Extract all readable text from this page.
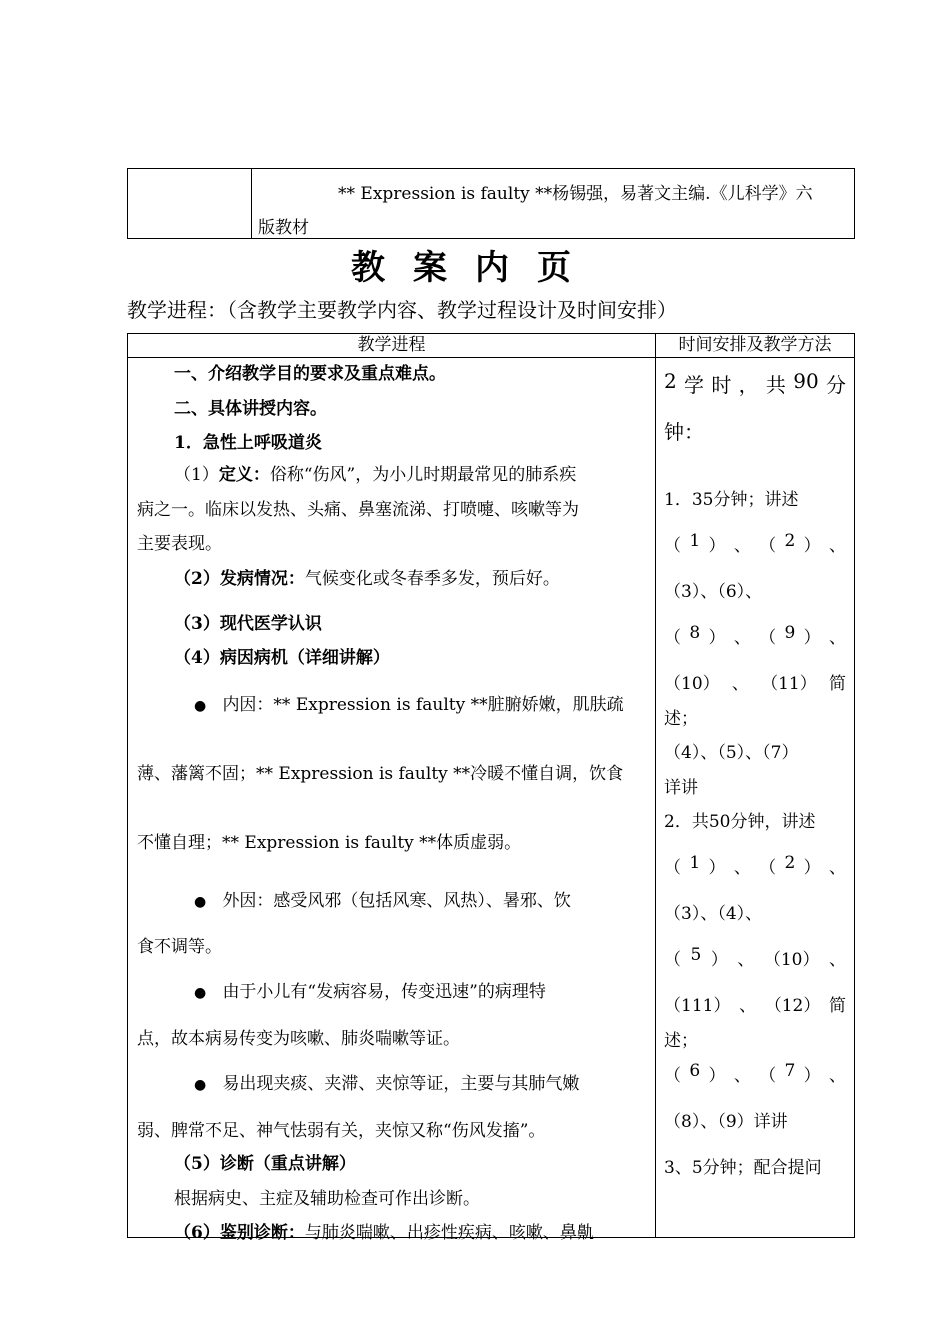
** Expression is faulty **杨锡强，易著文主编.《儿科学》六
版教材
教案内页
教学进程：（含教学主要教学内容、教学过程设计及时间安排）
教学进程	时间安排及教学方法
一、介绍教学目的要求及重点难点。
二、具体讲授内容。
1．急性上呼吸道炎
（1）定义：俗称“伤风”，为小儿时期最常见的肺系疾
病之一。临床以发热、头痛、鼻塞流涕、打喷嚏、咳嗽等为
主要表现。
（2）发病情况：气候变化或冬春季多发，预后好。
（3）现代医学认识
（4）病因病机（详细讲解）
● 内因：** Expression is faulty **脏腑娇嫩，肌肤疏
薄、藩篱不固；** Expression is faulty **冷暖不懂自调，饮食
不懂自理；** Expression is faulty **体质虚弱。
● 外因：感受风邪（包括风寒、风热）、暑邪、饮
食不调等。
● 由于小儿有“发病容易，传变迅速”的病理特
点，故本病易传变为咳嗽、肺炎喘嗽等证。
● 易出现夹痰、夹滞、夹惊等证，主要与其肺气嫩
弱、脾常不足、神气怯弱有关，夹惊又称“伤风发搐”。
（5）诊断（重点讲解）
根据病史、主症及辅助检查可作出诊断。
（6）鉴别诊断：与肺炎喘嗽、出疹性疾病、咳嗽、鼻鼽
2 学 时 ， 共 90 分
钟：
1．35分钟；讲述
（ 1 ） 、 （ 2 ） 、
（3）、（6）、
（ 8 ） 、 （ 9 ） 、
（10） 、 （11） 简
述；
（4）、（5）、（7）
详讲
2．共50分钟，讲述
（ 1 ） 、 （ 2 ） 、
（3）、（4）、
（ 5 ） 、 （10） 、
（111） 、 （12） 简
述；
（ 6 ） 、 （ 7 ） 、
（8）、（9）详讲
3、5分钟；配合提问
